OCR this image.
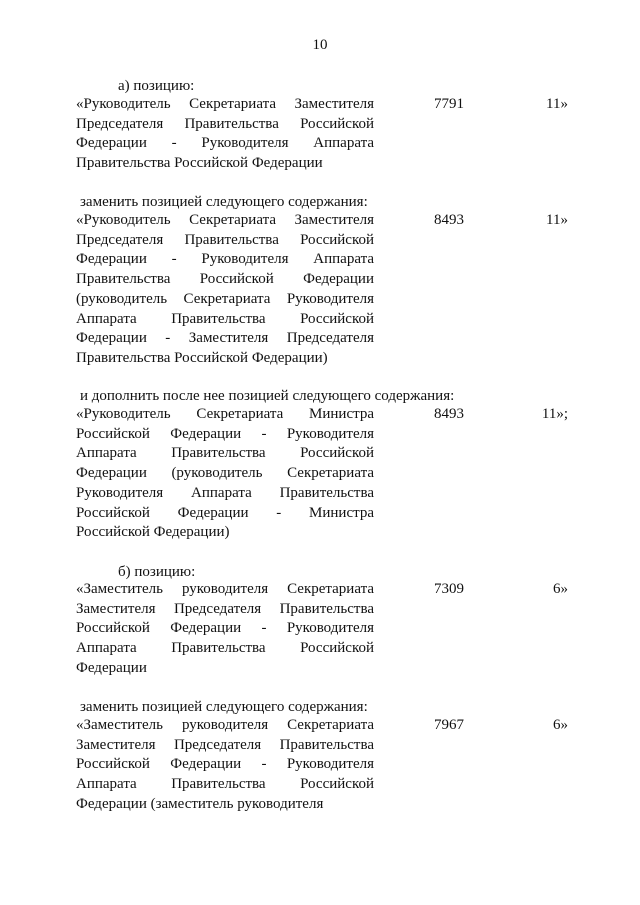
10
а) позицию:
«Руководитель Секретариата Заместителя Председателя Правительства Российской Федерации - Руководителя Аппарата Правительства Российской Федерации
7791	11»
заменить позицией следующего содержания:
«Руководитель Секретариата Заместителя Председателя Правительства Российской Федерации - Руководителя Аппарата Правительства Российской Федерации (руководитель Секретариата Руководителя Аппарата Правительства Российской Федерации - Заместителя Председателя Правительства Российской Федерации)
8493	11»
и дополнить после нее позицией следующего содержания:
«Руководитель Секретариата Министра Российской Федерации - Руководителя Аппарата Правительства Российской Федерации (руководитель Секретариата Руководителя Аппарата Правительства Российской Федерации - Министра Российской Федерации)
8493	11»;
б) позицию:
«Заместитель руководителя Секретариата Заместителя Председателя Правительства Российской Федерации - Руководителя Аппарата Правительства Российской Федерации
7309	6»
заменить позицией следующего содержания:
«Заместитель руководителя Секретариата Заместителя Председателя Правительства Российской Федерации - Руководителя Аппарата Правительства Российской Федерации (заместитель руководителя
7967	6»
